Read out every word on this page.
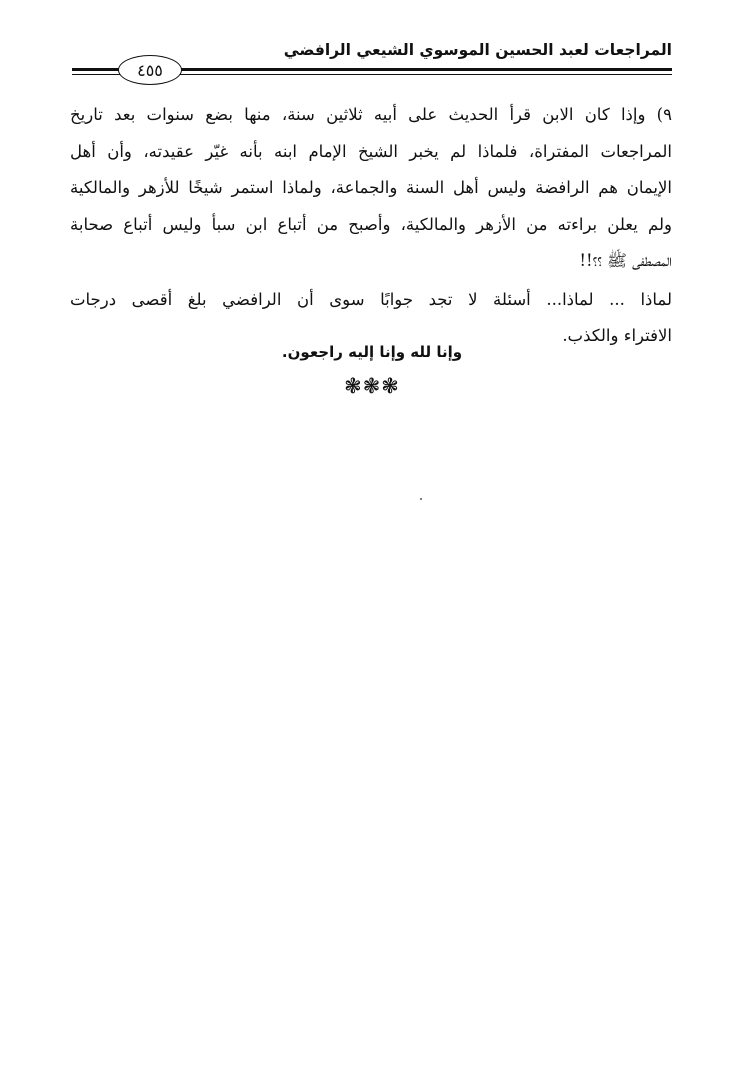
المراجعات لعبد الحسين الموسوي الشيعي الرافضي
٤٥٥
٩) وإذا كان الابن قرأ الحديث على أبيه ثلاثين سنة، منها بضع سنوات بعد تاريخ
المراجعات المفتراة، فلماذا لم يخبر الشيخ الإمام ابنه بأنه غيّر عقيدته، وأن أهل
الإيمان هم الرافضة وليس أهل السنة والجماعة، ولماذا استمر شيخًا للأزهر والمالكية
ولم يعلن براءته من الأزهر والمالكية، وأصبح من أتباع ابن سبأ وليس أتباع صحابة
المصطفى ﷺ ؟؟!!
لماذا ... لماذا... أسئلة لا تجد جوابًا سوى أن الرافضي بلغ أقصى درجات
الافتراء والكذب.
وإنا لله وإنا إليه راجعون.
❃❃❃
